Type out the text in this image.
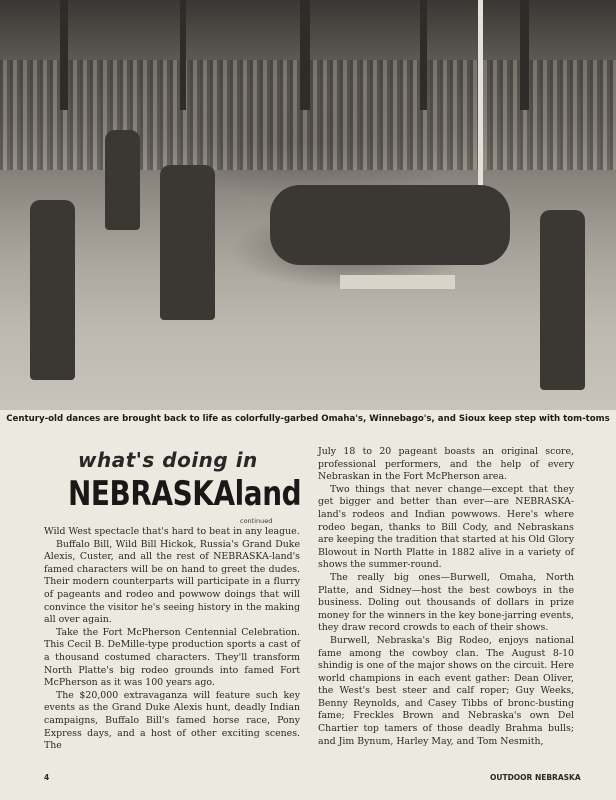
Century-old dances are brought back to life as colorfully-garbed Omaha's, Winnebago's, and Sioux keep step with tom-toms
what's doing in
NEBRASKAland
continued

Wild West spectacle that's hard to beat in any league.

Buffalo Bill, Wild Bill Hickok, Russia's Grand Duke Alexis, Custer, and all the rest of NEBRASKA-land's famed characters will be on hand to greet the dudes. Their modern counterparts will participate in a flurry of pageants and rodeo and powwow doings that will convince the visitor he's seeing history in the making all over again.

Take the Fort McPherson Centennial Celebration. This Cecil B. DeMille-type production sports a cast of a thousand costumed characters. They'll transform North Platte's big rodeo grounds into famed Fort McPherson as it was 100 years ago.

The $20,000 extravaganza will feature such key events as the Grand Duke Alexis hunt, deadly Indian campaigns, Buffalo Bill's famed horse race, Pony Express days, and a host of other exciting scenes. The

July 18 to 20 pageant boasts an original score, professional performers, and the help of every Nebraskan in the Fort McPherson area.

Two things that never change—except that they get bigger and better than ever—are NEBRASKA-land's rodeos and Indian powwows. Here's where rodeo began, thanks to Bill Cody, and Nebraskans are keeping the tradition that started at his Old Glory Blowout in North Platte in 1882 alive in a variety of shows the summer-round.

The really big ones—Burwell, Omaha, North Platte, and Sidney—host the best cowboys in the business. Doling out thousands of dollars in prize money for the winners in the key bone-jarring events, they draw record crowds to each of their shows.

Burwell, Nebraska's Big Rodeo, enjoys national fame among the cowboy clan. The August 8-10 shindig is one of the major shows on the circuit. Here world champions in each event gather: Dean Oliver, the West's best steer and calf roper; Guy Weeks, Benny Reynolds, and Casey Tibbs of bronc-busting fame; Freckles Brown and Nebraska's own Del Chartier top tamers of those deadly Brahma bulls; and Jim Bynum, Harley May, and Tom Nesmith,

4	OUTDOOR NEBRASKA
